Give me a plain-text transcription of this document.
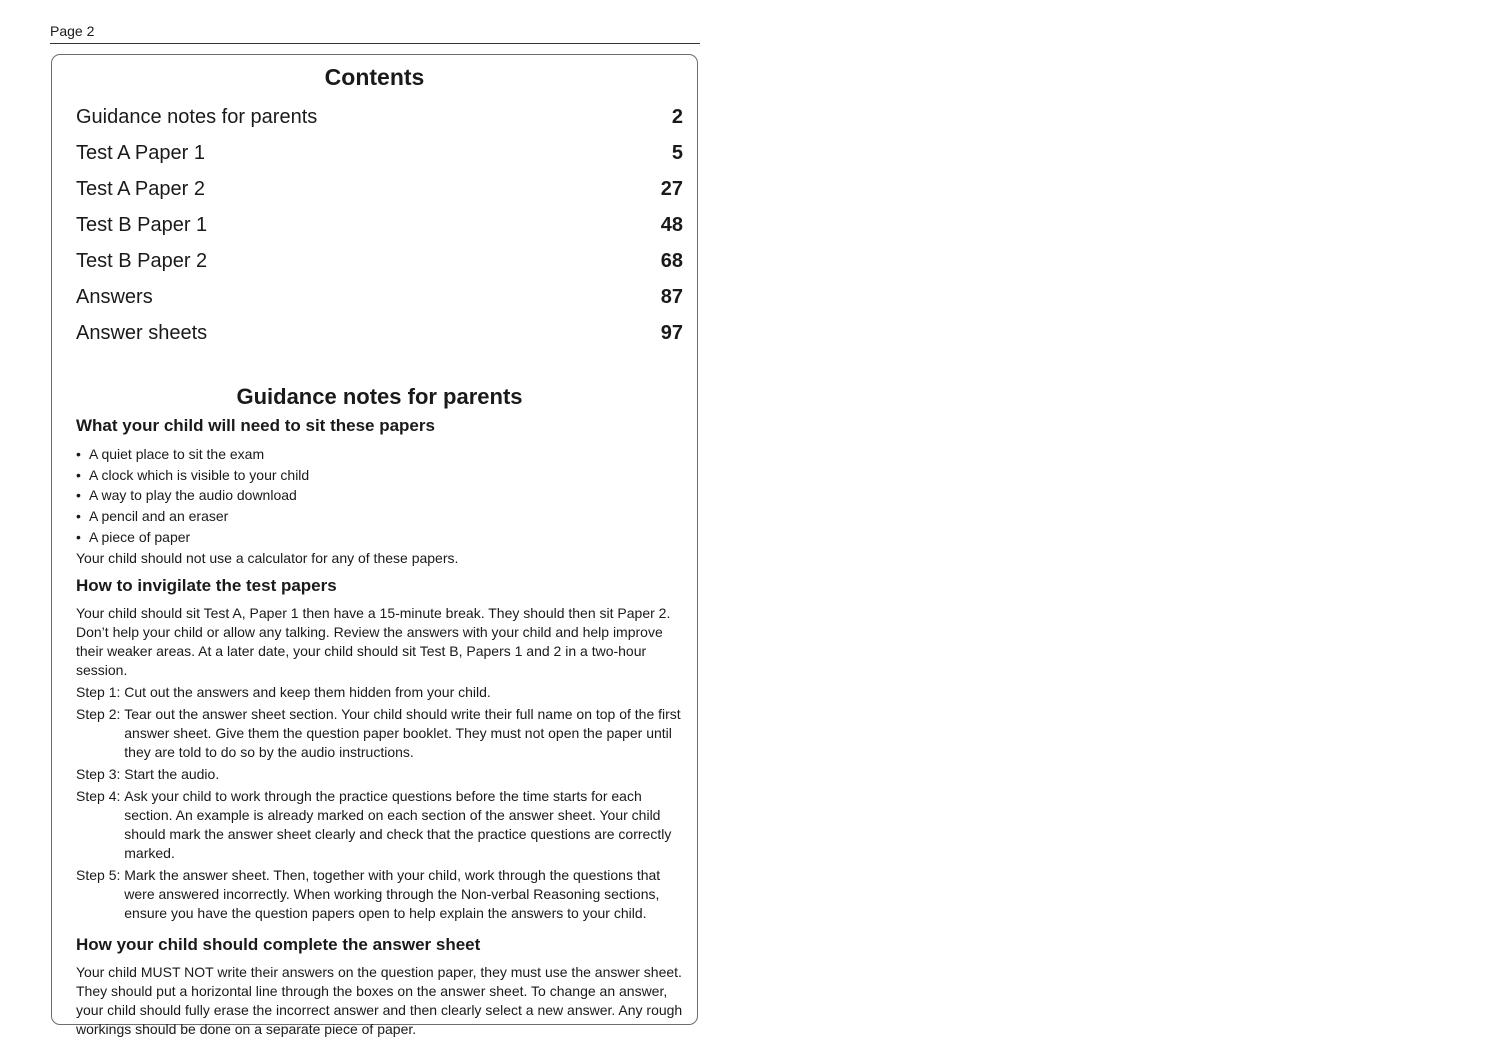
Page 2
Contents
Guidance notes for parents	2
Test A Paper 1	5
Test A Paper 2	27
Test B Paper 1	48
Test B Paper 2	68
Answers	87
Answer sheets	97
Guidance notes for parents
What your child will need to sit these papers
• A quiet place to sit the exam
• A clock which is visible to your child
• A way to play the audio download
• A pencil and an eraser
• A piece of paper

Your child should not use a calculator for any of these papers.

How to invigilate the test papers

Your child should sit Test A, Paper 1 then have a 15-minute break. They should then sit Paper 2. Don’t help your child or allow any talking. Review the answers with your child and help improve their weaker areas. At a later date, your child should sit Test B, Papers 1 and 2 in a two-hour session.

Step 1: Cut out the answers and keep them hidden from your child.
Step 2: Tear out the answer sheet section. Your child should write their full name on top of the first answer sheet. Give them the question paper booklet. They must not open the paper until they are told to do so by the audio instructions.
Step 3: Start the audio.
Step 4: Ask your child to work through the practice questions before the time starts for each section. An example is already marked on each section of the answer sheet. Your child should mark the answer sheet clearly and check that the practice questions are correctly marked.
Step 5: Mark the answer sheet. Then, together with your child, work through the questions that were answered incorrectly. When working through the Non-verbal Reasoning sections, ensure you have the question papers open to help explain the answers to your child.
How your child should complete the answer sheet

Your child MUST NOT write their answers on the question paper, they must use the answer sheet. They should put a horizontal line through the boxes on the answer sheet. To change an answer, your child should fully erase the incorrect answer and then clearly select a new answer. Any rough workings should be done on a separate piece of paper.
